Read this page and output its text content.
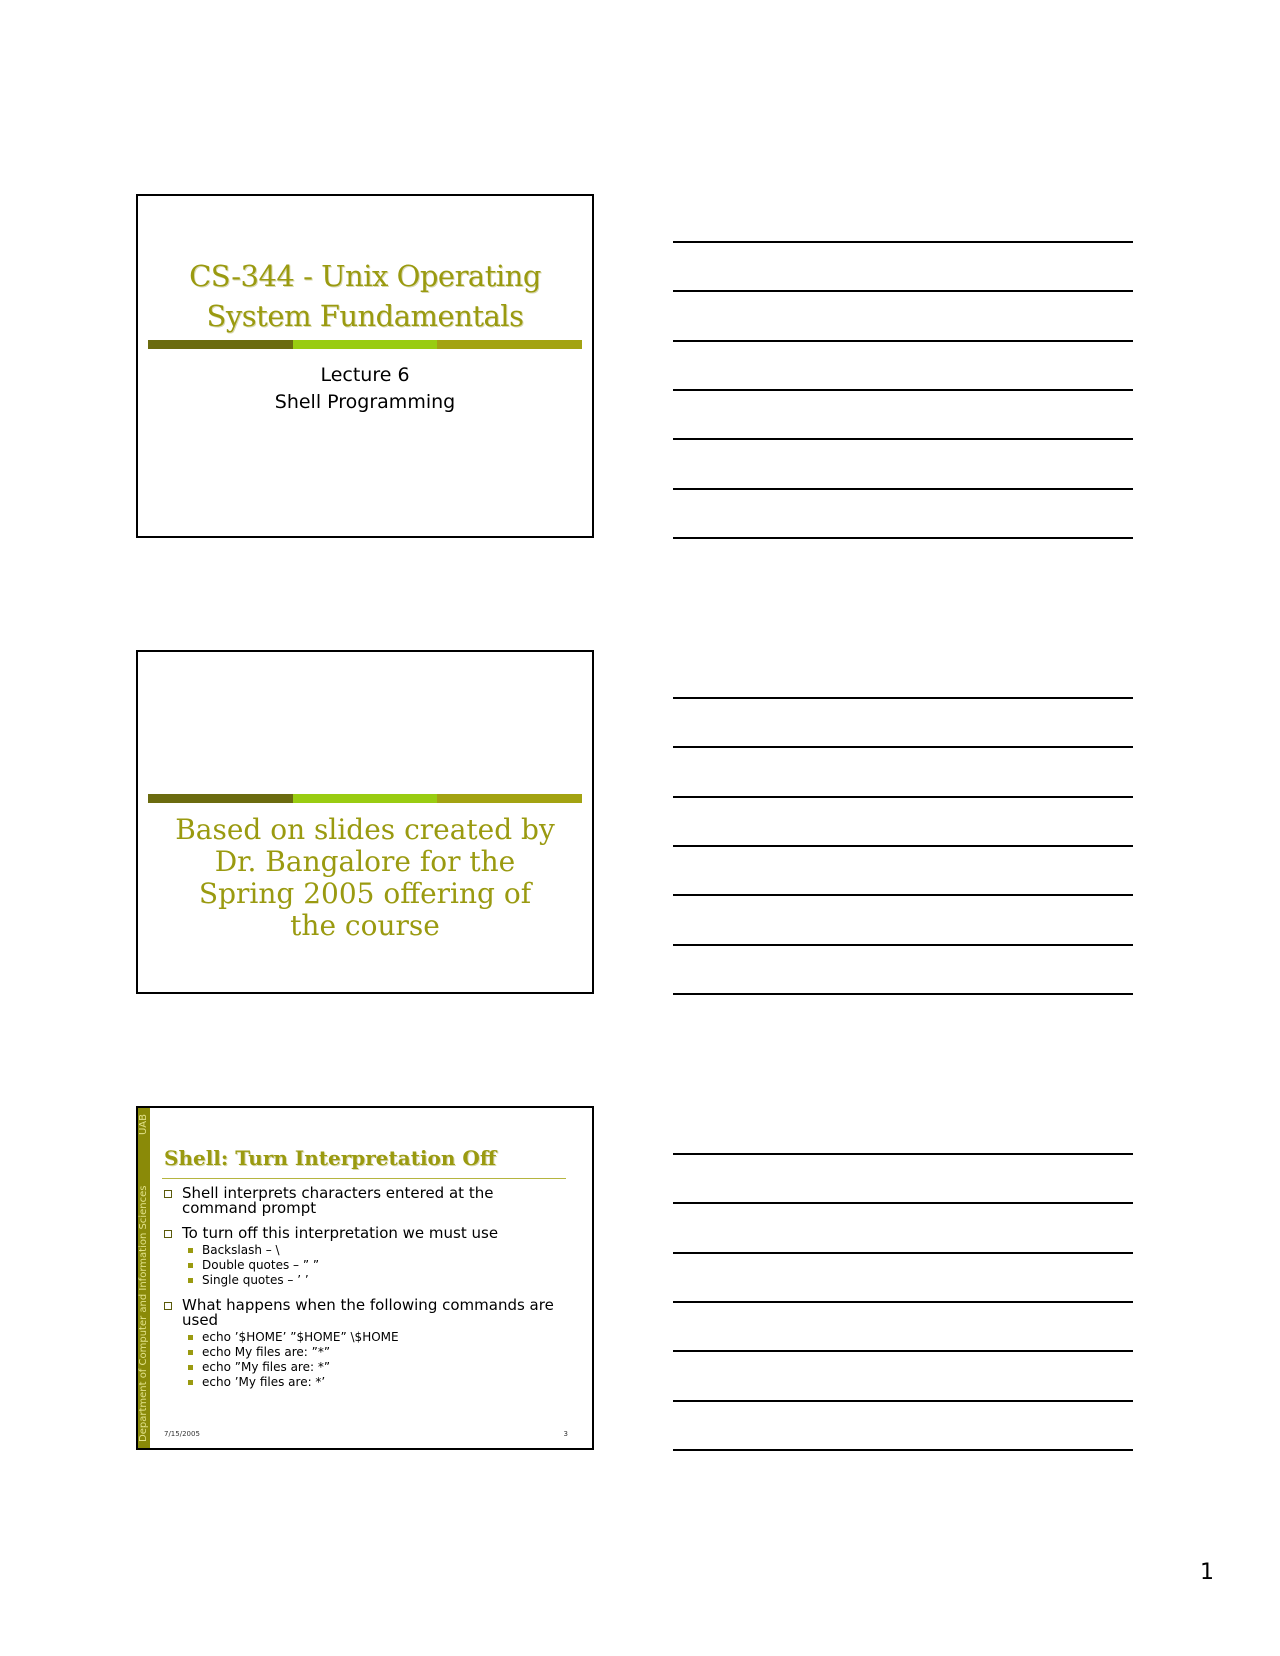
CS-344 - Unix Operating
System Fundamentals
Lecture 6
Shell Programming
Based on slides created by
Dr. Bangalore for the
Spring 2005 offering of
the course
Department of Computer and Information Sciences
UAB
Shell: Turn Interpretation Off
Shell interprets characters entered at the command prompt
To turn off this interpretation we must use
Backslash – \
Double quotes – ” ”
Single quotes – ’ ’
What happens when the following commands are used
echo ’$HOME’ ”$HOME” \$HOME
echo My files are: ”*”
echo ”My files are: *”
echo ’My files are: *’
7/15/2005	3
1
